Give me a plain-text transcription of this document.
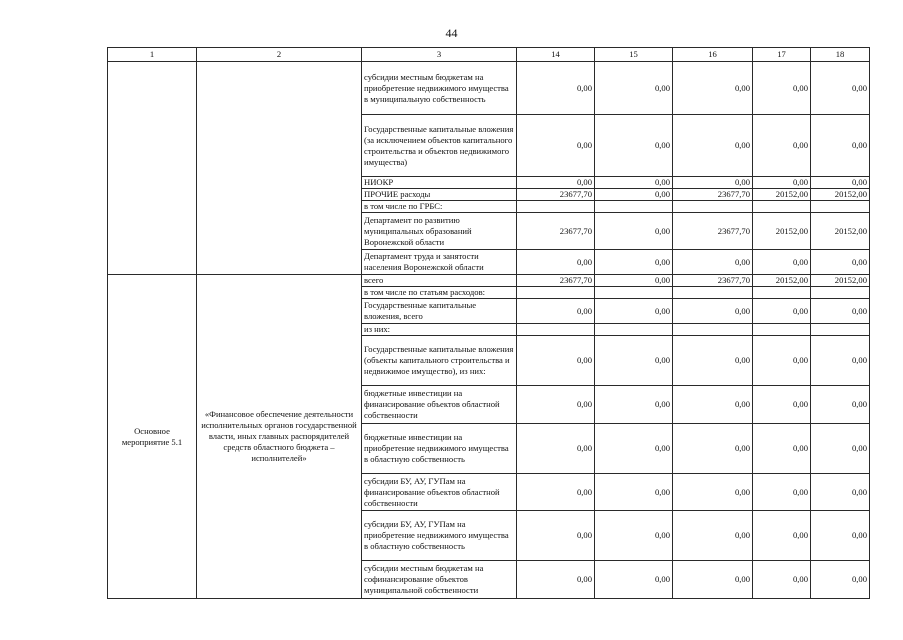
44
1	2	3	14	15	16	17	18
		субсидии местным бюджетам на приобретение недвижимого имущества в муниципальную собственность	0,00	0,00	0,00	0,00	0,00
		Государственные капитальные вложения (за исключением объектов капитального строительства и объектов недвижимого имущества)	0,00	0,00	0,00	0,00	0,00
		НИОКР	0,00	0,00	0,00	0,00	0,00
		ПРОЧИЕ расходы	23677,70	0,00	23677,70	20152,00	20152,00
		в том числе по ГРБС:					
		Департамент по развитию муниципальных образований Воронежской области	23677,70	0,00	23677,70	20152,00	20152,00
		Департамент труда и занятости населения Воронежской области	0,00	0,00	0,00	0,00	0,00
Основное мероприятие 5.1	«Финансовое обеспечение деятельности исполнительных органов государственной власти, иных главных распорядителей средств областного бюджета – исполнителей»	всего	23677,70	0,00	23677,70	20152,00	20152,00
		в том числе по статьям расходов:					
		Государственные капитальные вложения, всего	0,00	0,00	0,00	0,00	0,00
		из них:					
		Государственные капитальные вложения (объекты капитального строительства и недвижимое имущество), из них:	0,00	0,00	0,00	0,00	0,00
		бюджетные инвестиции на финансирование объектов областной собственности	0,00	0,00	0,00	0,00	0,00
		бюджетные инвестиции на приобретение недвижимого имущества в областную собственность	0,00	0,00	0,00	0,00	0,00
		субсидии БУ, АУ, ГУПам на финансирование объектов областной собственности	0,00	0,00	0,00	0,00	0,00
		субсидии БУ, АУ, ГУПам на приобретение недвижимого имущества в областную собственность	0,00	0,00	0,00	0,00	0,00
		субсидии местным бюджетам на софинансирование объектов муниципальной собственности	0,00	0,00	0,00	0,00	0,00
